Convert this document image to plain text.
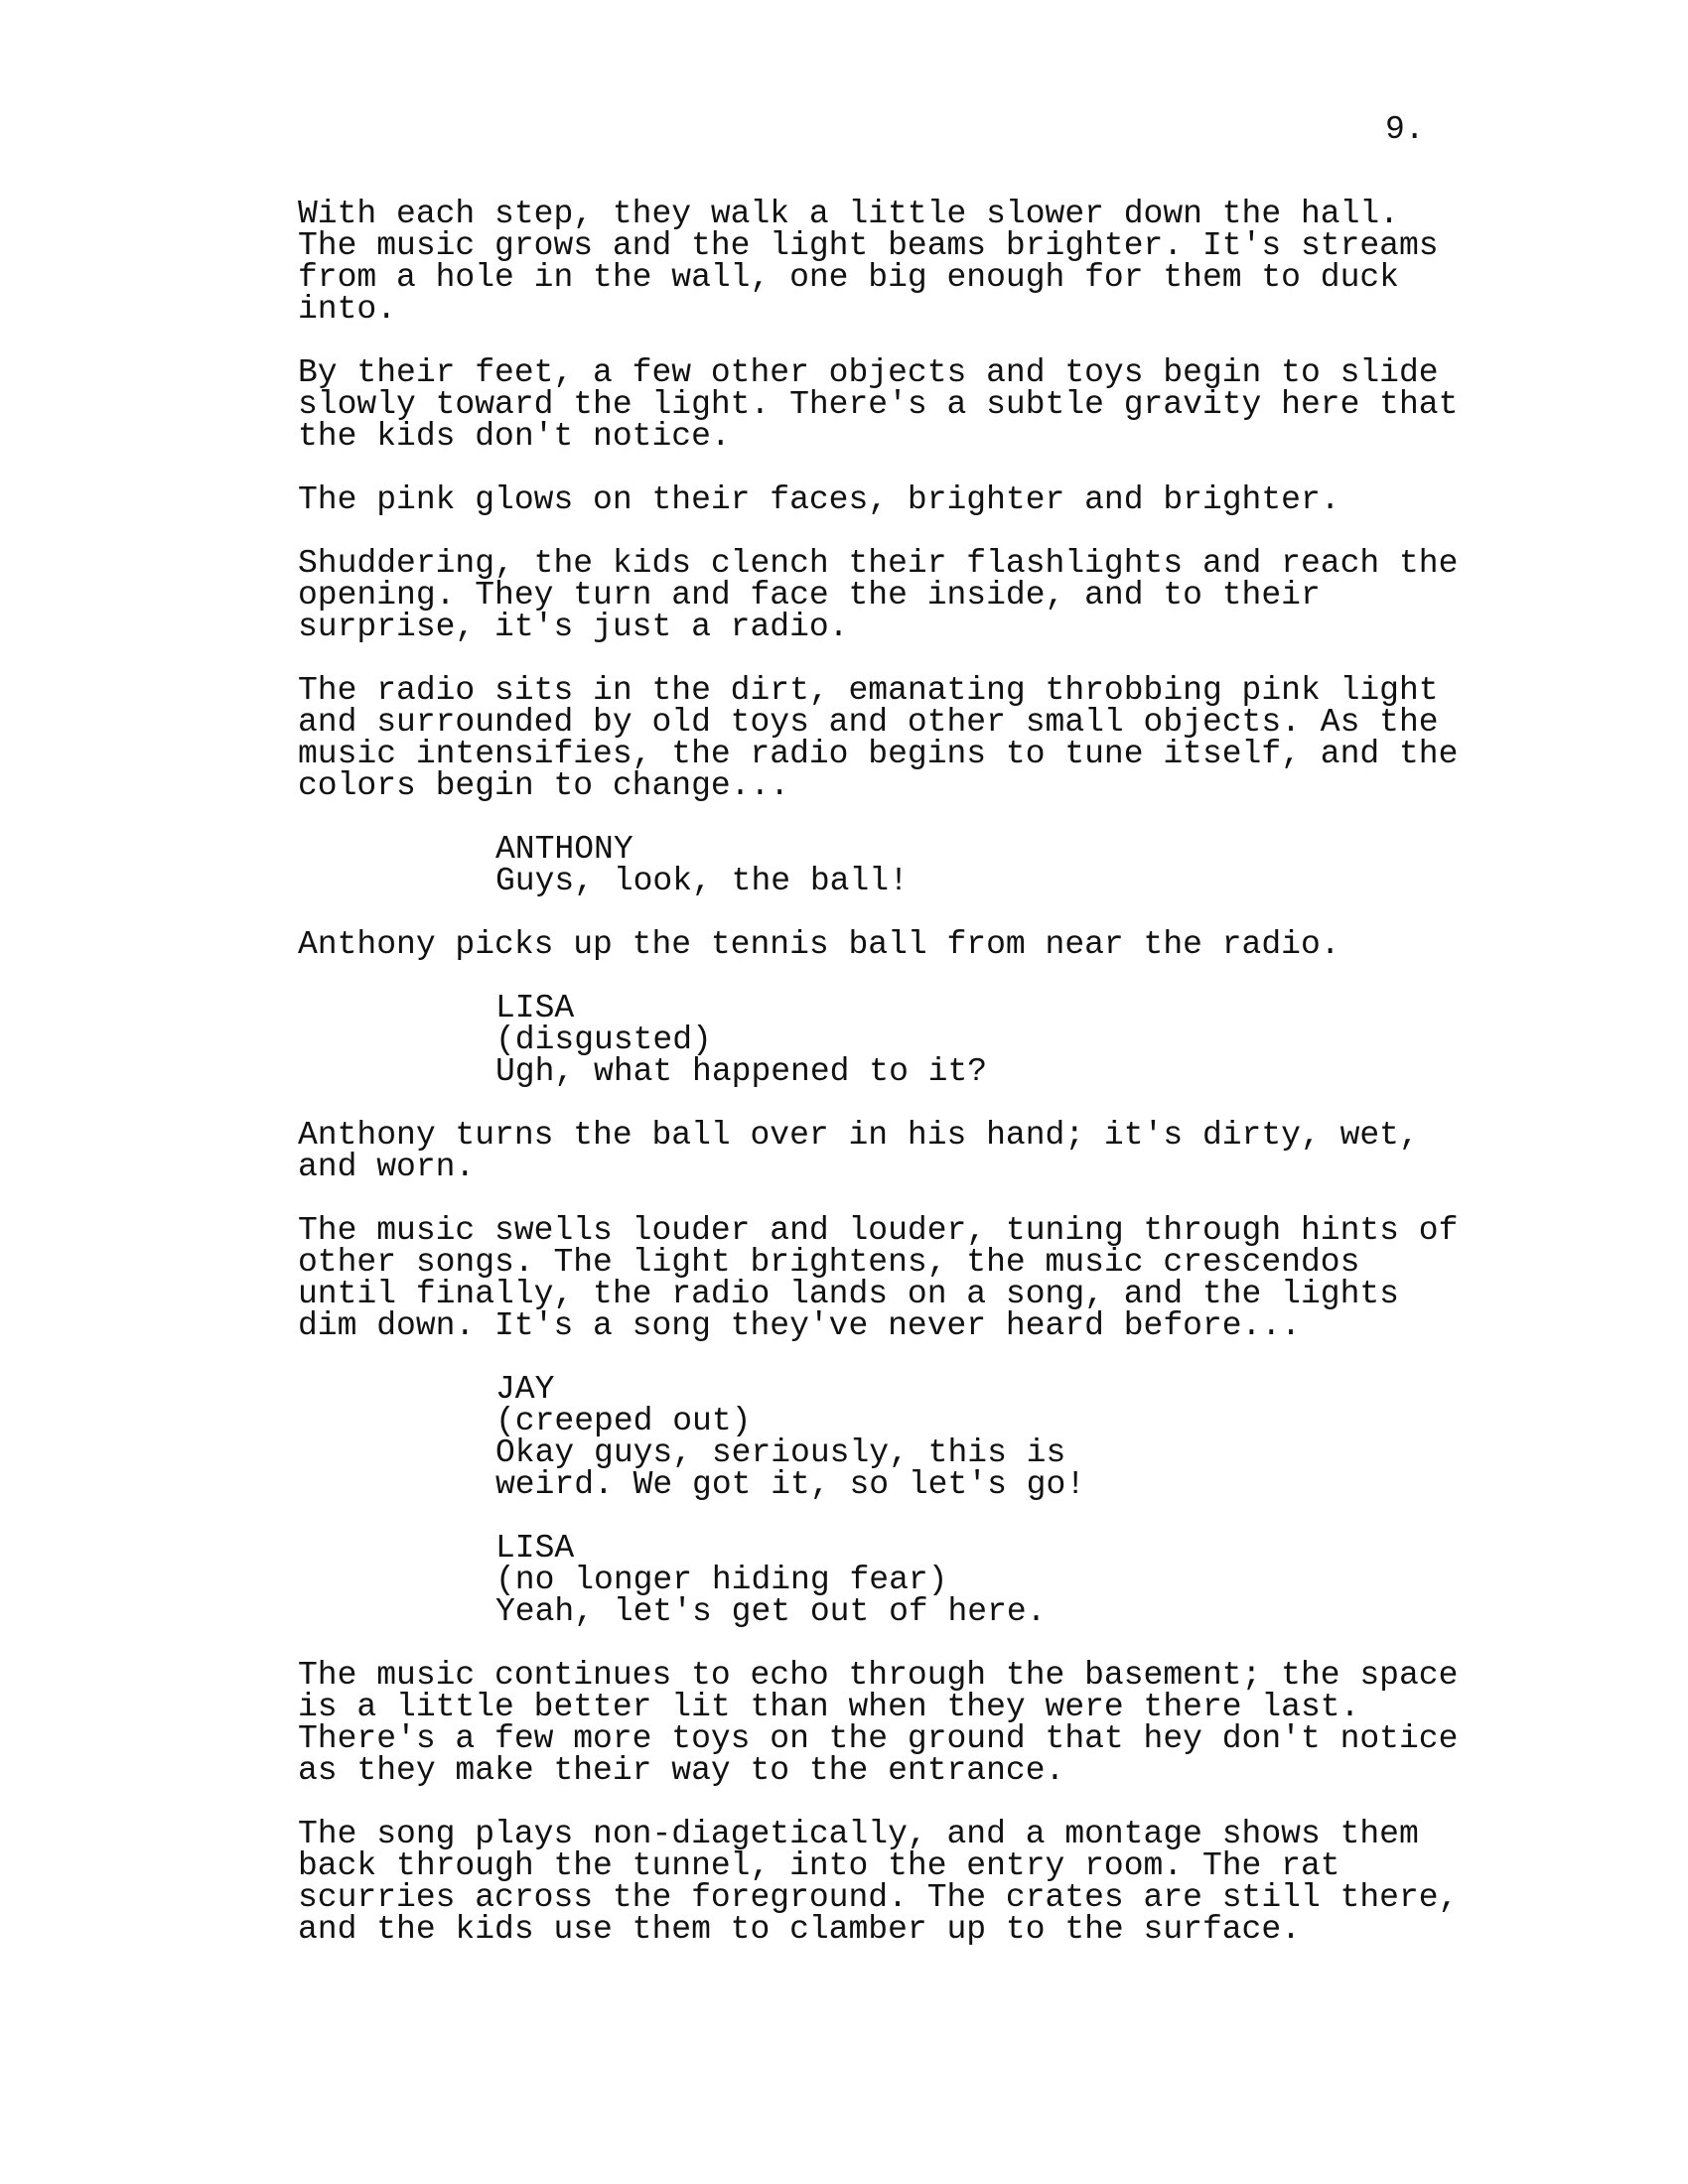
9.
With each step, they walk a little slower down the hall.
The music grows and the light beams brighter. It's streams
from a hole in the wall, one big enough for them to duck
into.
By their feet, a few other objects and toys begin to slide
slowly toward the light. There's a subtle gravity here that
the kids don't notice.
The pink glows on their faces, brighter and brighter.
Shuddering, the kids clench their flashlights and reach the
opening. They turn and face the inside, and to their
surprise, it's just a radio.
The radio sits in the dirt, emanating throbbing pink light
and surrounded by old toys and other small objects. As the
music intensifies, the radio begins to tune itself, and the
colors begin to change...
ANTHONY
Guys, look, the ball!
Anthony picks up the tennis ball from near the radio.
LISA
(disgusted)
Ugh, what happened to it?
Anthony turns the ball over in his hand; it's dirty, wet,
and worn.
The music swells louder and louder, tuning through hints of
other songs. The light brightens, the music crescendos
until finally, the radio lands on a song, and the lights
dim down. It's a song they've never heard before...
JAY
(creeped out)
Okay guys, seriously, this is
weird. We got it, so let's go!
LISA
(no longer hiding fear)
Yeah, let's get out of here.
The music continues to echo through the basement; the space
is a little better lit than when they were there last.
There's a few more toys on the ground that hey don't notice
as they make their way to the entrance.
The song plays non-diagetically, and a montage shows them
back through the tunnel, into the entry room. The rat
scurries across the foreground. The crates are still there,
and the kids use them to clamber up to the surface.
